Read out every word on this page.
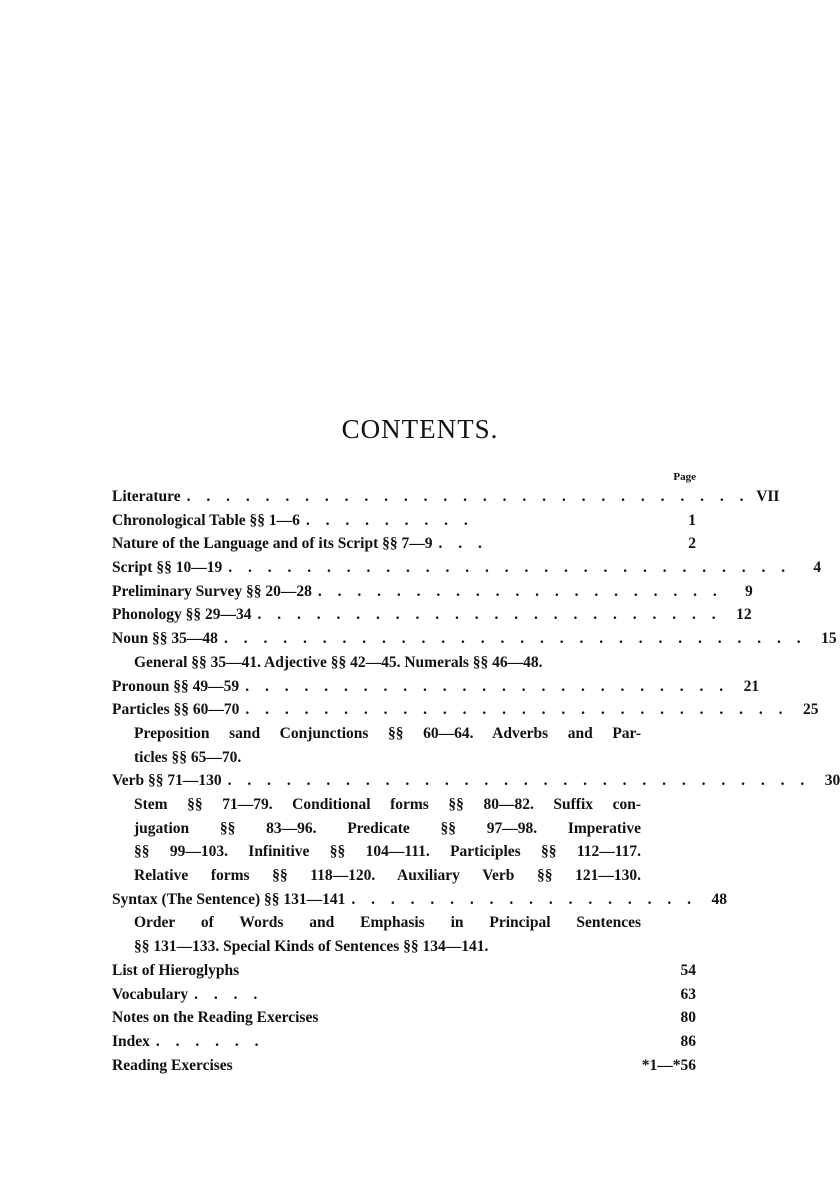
CONTENTS.
Page
Literature . . . . . . . . . . . . . . . . . . . . . . . . . . . . . VII
Chronological Table §§ 1—6 . . . . . . . . .	1
Nature of the Language and of its Script §§ 7—9 . . .	2
Script §§ 10—19 . . . . . . . . . . . . . . . . . . . . . . . . . . . . .	4
Preliminary Survey §§ 20—28 . . . . . . . . . . . . . . . . . . . . .	9
Phonology §§ 29—34 . . . . . . . . . . . . . . . . . . . . . . . . 12
Noun §§ 35—48 . . . . . . . . . . . . . . . . . . . . . . . . . . . . . . 15
General §§ 35—41. Adjective §§ 42—45. Numerals §§ 46—48.
Pronoun §§ 49—59 . . . . . . . . . . . . . . . . . . . . . . . . . 21
Particles §§ 60—70 . . . . . . . . . . . . . . . . . . . . . . . . . . . . 25
Preposition sand Conjunctions §§ 60—64. Adverbs and Par-
ticles §§ 65—70.
Verb §§ 71—130 . . . . . . . . . . . . . . . . . . . . . . . . . . . . . . 30
Stem §§ 71—79. Conditional forms §§ 80—82. Suffix con-
jugation §§ 83—96. Predicate §§ 97—98. Imperative
§§ 99—103. Infinitive §§ 104—111. Participles §§ 112—117.
Relative forms §§ 118—120. Auxiliary Verb §§ 121—130.
Syntax (The Sentence) §§ 131—141 . . . . . . . . . . . . . . . . . . 48
Order of Words and Emphasis in Principal Sentences
§§ 131—133. Special Kinds of Sentences §§ 134—141.
List of Hieroglyphs	54
Vocabulary . . . .	63
Notes on the Reading Exercises	80
Index . . . . . .	86
Reading Exercises	*1—*56
